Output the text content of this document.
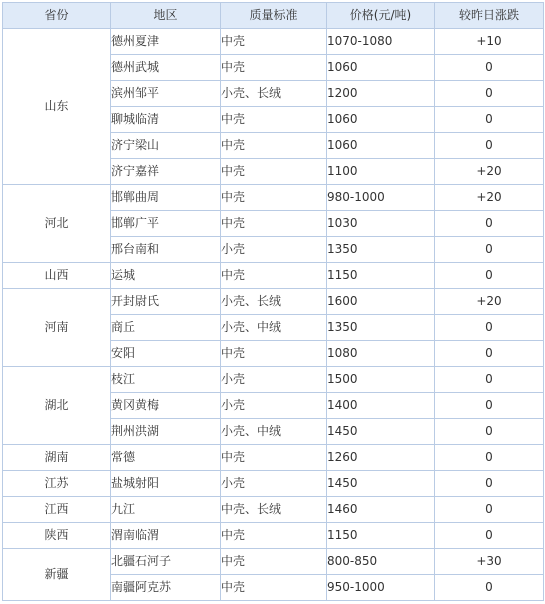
省份	地区	质量标准	价格(元/吨)	较昨日涨跌
山东	德州夏津	中壳	1070-1080	+10
	德州武城	中壳	1060	0
	滨州邹平	小壳、长绒	1200	0
	聊城临清	中壳	1060	0
	济宁梁山	中壳	1060	0
	济宁嘉祥	中壳	1100	+20
河北	邯郸曲周	中壳	980-1000	+20
	邯郸广平	中壳	1030	0
	邢台南和	小壳	1350	0
山西	运城	中壳	1150	0
河南	开封尉氏	小壳、长绒	1600	+20
	商丘	小壳、中绒	1350	0
	安阳	中壳	1080	0
湖北	枝江	小壳	1500	0
	黄冈黄梅	小壳	1400	0
	荆州洪湖	小壳、中绒	1450	0
湖南	常德	中壳	1260	0
江苏	盐城射阳	小壳	1450	0
江西	九江	中壳、长绒	1460	0
陕西	渭南临渭	中壳	1150	0
新疆	北疆石河子	中壳	800-850	+30
	南疆阿克苏	中壳	950-1000	0
